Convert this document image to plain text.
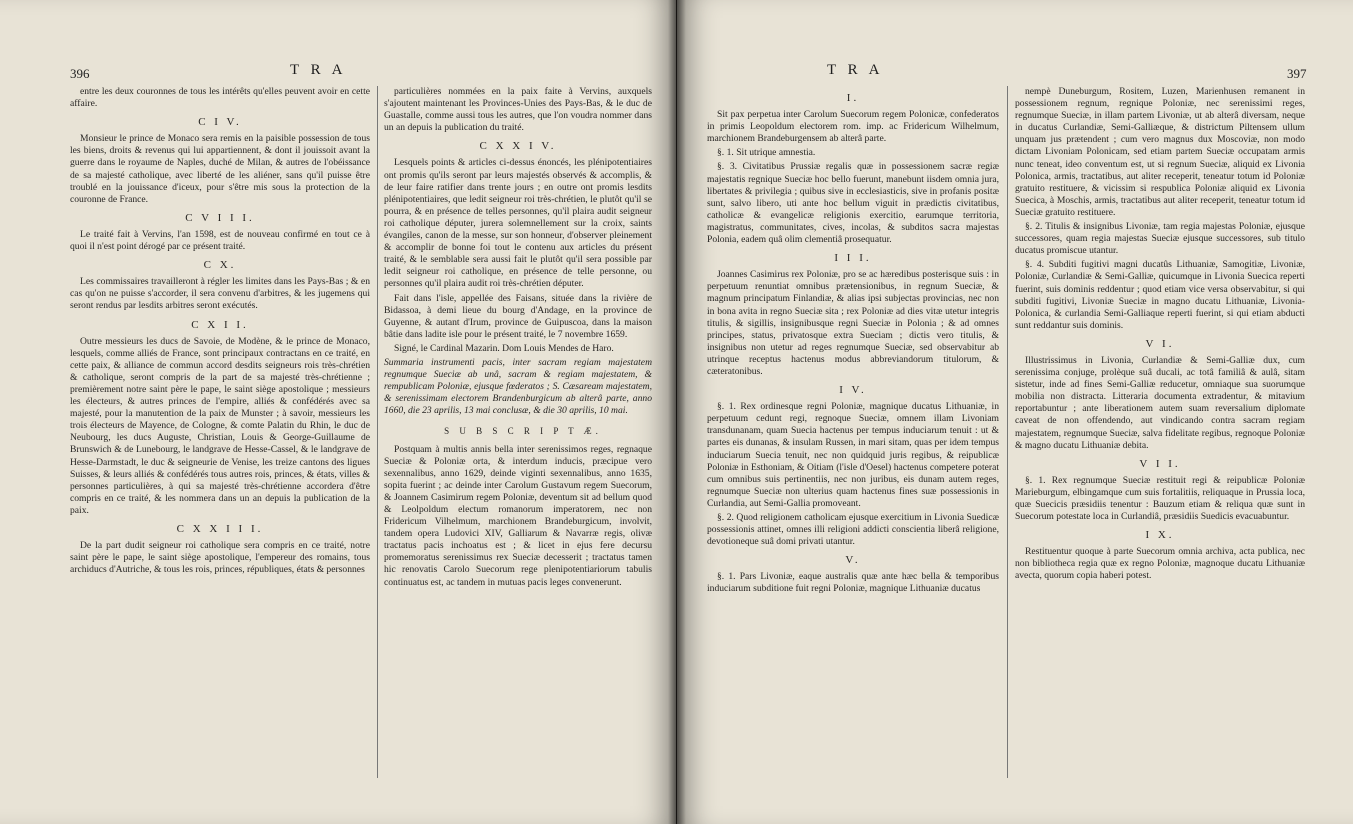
396	T R A

entre les deux couronnes de tous les intérêts qu'elles peuvent avoir en cette affaire.

C I V.

Monsieur le prince de Monaco sera remis en la paisible possession de tous les biens, droits & revenus qui lui appartiennent, & dont il jouissoit avant la guerre dans le royaume de Naples, duché de Milan, & autres de l'obéissance de sa majesté catholique, avec liberté de les aliéner, sans qu'il puisse être troublé en la jouissance d'iceux, pour s'être mis sous la protection de la couronne de France.

C V I I I.

Le traité fait à Vervins, l'an 1598, est de nouveau confirmé en tout ce à quoi il n'est point dérogé par ce présent traité.

C X.

Les commissaires travailleront à régler les limites dans les Pays-Bas ; & en cas qu'on ne puisse s'accorder, il sera convenu d'arbitres, & les jugemens qui seront rendus par lesdits arbitres seront exécutés.

C X I I.

Outre messieurs les ducs de Savoie, de Modène, & le prince de Monaco, lesquels, comme alliés de France, sont principaux contractans en ce traité, en cette paix, & alliance de commun accord desdits seigneurs rois très-chrétien & catholique, seront compris de la part de sa majesté très-chrétienne ; premièrement notre saint père le pape, le saint siège apostolique ; messieurs les électeurs, & autres princes de l'empire, alliés & confédérés avec sa majesté, pour la manutention de la paix de Munster ; à savoir, messieurs les trois électeurs de Mayence, de Cologne, & comte Palatin du Rhin, le duc de Neubourg, les ducs Auguste, Christian, Louis & George-Guillaume de Brunswich & de Lunebourg, le landgrave de Hesse-Cassel, & le landgrave de Hesse-Darmstadt, le duc & seigneurie de Venise, les treize cantons des ligues Suisses, & leurs alliés & confédérés tous autres rois, princes, & états, villes & personnes particulières, à qui sa majesté très-chrétienne accordera d'être compris en ce traité, & les nommera dans un an depuis la publication de la paix.

C X X I I I.

De la part dudit seigneur roi catholique sera compris en ce traité, notre saint père le pape, le saint siège apostolique, l'empereur des romains, tous archiducs d'Autriche, & tous les rois, princes, républiques, états & personnes

particulières nommées en la paix faite à Vervins, auxquels s'ajoutent maintenant les Provinces-Unies des Pays-Bas, & le duc de Guastalle, comme aussi tous les autres, que l'on voudra nommer dans un an depuis la publication du traité.

C X X I V.

Lesquels points & articles ci-dessus énoncés, les plénipotentiaires ont promis qu'ils seront par leurs majestés observés & accomplis, & de leur faire ratifier dans trente jours ; en outre ont promis lesdits plénipotentiaires, que ledit seigneur roi très-chrétien, le plutôt qu'il se pourra, & en présence de telles personnes, qu'il plaira audit seigneur roi catholique députer, jurera solemnellement sur la croix, saints évangiles, canon de la messe, sur son honneur, d'observer pleinement & accomplir de bonne foi tout le contenu aux articles du présent traité, & le semblable sera aussi fait le plutôt qu'il sera possible par ledit seigneur roi catholique, en présence de telle personne, ou personnes qu'il plaira audit roi très-chrétien députer.

Fait dans l'isle, appellée des Faisans, située dans la rivière de Bidassoa, à demi lieue du bourg d'Andage, en la province de Guyenne, & autant d'Irum, province de Guipuscoa, dans la maison bâtie dans ladite isle pour le présent traité, le 7 novembre 1659.

Signé, le Cardinal Mazarin. Dom Louis Mendes de Haro.

Summaria instrumenti pacis, inter sacram regiam majestatem regnumque Sueciæ ab unâ, sacram & regiam majestatem, & rempublicam Poloniæ, ejusque fœderatos ; S. Cæsaream majestatem, & serenissimam electorem Brandenburgicum ab alterâ parte, anno 1660, die 23 aprilis, 13 mai conclusæ, & die 30 aprilis, 10 mai.

S U B S C R I P T Æ.

Postquam à multis annis bella inter serenissimos reges, regnaque Sueciæ & Poloniæ orta, & interdum inducis, præcipue vero sexennalibus, anno 1629, deinde viginti sexennalibus, anno 1635, sopita fuerint ; ac deinde inter Carolum Gustavum regem Suecorum, & Joannem Casimirum regem Poloniæ, deventum sit ad bellum quod & Leolpoldum electum romanorum imperatorem, nec non Fridericum Vilhelmum, marchionem Brandeburgicum, involvit, tandem opera Ludovici XIV, Galliarum & Navarræ regis, olivæ tractatus pacis inchoatus est ; & licet in ejus fere decursu promemoratus serenissimus rex Sueciæ decesserit ; tractatus tamen hic renovatis Carolo Suecorum rege plenipotentiariorum tabulis continuatus est, ac tandem in mutuas pacis leges convenerunt.

T R A	397
I.

Sit pax perpetua inter Carolum Suecorum regem Polonicæ, confederatos in primis Leopoldum electorem rom. imp. ac Fridericum Wilhelmum, marchionem Brandeburgensem ab alterâ parte.

§. 1. Sit utrique amnestia.

§. 3. Civitatibus Prussiæ regalis quæ in possessionem sacræ regiæ majestatis regnique Sueciæ hoc bello fuerunt, manebunt iisdem omnia jura, libertates & privilegia ; quibus sive in ecclesiasticis, sive in profanis positæ sunt, salvo libero, uti ante hoc bellum viguit in prædictis civitatibus, catholicæ & evangelicæ religionis exercitio, earumque territoria, magistratus, communitates, cives, incolas, & subditos sacra majestas Polonia, eadem quâ olim clementiâ prosequatur.

I I I.

Joannes Casimirus rex Poloniæ, pro se ac hæredibus posterisque suis : in perpetuum renuntiat omnibus prætensionibus, in regnum Sueciæ, & magnum principatum Finlandiæ, & alias ipsi subjectas provincias, nec non in bona avita in regno Sueciæ sita ; rex Poloniæ ad dies vitæ utetur integris titulis, & sigillis, insignibusque regni Sueciæ in Polonia ; & ad omnes principes, status, privatosque extra Sueciam ; dictis vero titulis, & insignibus non utetur ad reges regnumque Sueciæ, sed observabitur ab utrinque receptus hactenus modus abbreviandorum titulorum, & cæteratonibus.

I V.

§. 1. Rex ordinesque regni Poloniæ, magnique ducatus Lithuaniæ, in perpetuum cedunt regi, regnoque Sueciæ, omnem illam Livoniam transdunanam, quam Suecia hactenus per tempus induciarum tenuit : ut & partes eis dunanas, & insulam Russen, in mari sitam, quas per idem tempus induciarum Suecia tenuit, nec non quidquid juris regibus, & reipublicæ Poloniæ in Esthoniam, & Oitiam (l'isle d'Oesel) hactenus competere poterat cum omnibus suis pertinentiis, nec non juribus, eis dunam autem reges, regnumque Sueciæ non ulterius quam hactenus fines suæ possessionis in Curlandia, aut Semi-Gallia promoveant.

§. 2. Quod religionem catholicam ejusque exercitium in Livonia Suedicæ possessionis attinet, omnes illi religioni addicti conscientia liberâ religione, devotioneque suâ domi privati utantur.

V.

§. 1. Pars Livoniæ, eaque australis quæ ante hæc bella & temporibus induciarum subditione fuit regni Poloniæ, magnique Lithuaniæ ducatus

nempè Duneburgum, Rositem, Luzen, Marienhusen remanent in possessionem regnum, regnique Poloniæ, nec serenissimi reges, regnumque Sueciæ, in illam partem Livoniæ, ut ab alterâ diversam, neque in ducatus Curlandiæ, Semi-Galliæque, & districtum Piltensem ullum unquam jus prætendent ; cum vero magnus dux Moscoviæ, non modo dictam Livoniam Polonicam, sed etiam partem Sueciæ occupatam armis nunc teneat, ideo conventum est, ut si regnum Sueciæ, aliquid ex Livonia Polonica, armis, tractatibus, aut aliter receperit, teneatur totum id Poloniæ gratuito restituere, & vicissim si respublica Poloniæ aliquid ex Livonia Suecica, à Moschis, armis, tractatibus aut aliter receperit, teneatur totum id Sueciæ gratuito restituere.

§. 2. Titulis & insignibus Livoniæ, tam regia majestas Poloniæ, ejusque successores, quam regia majestas Sueciæ ejusque successores, sub titulo ducatus promiscue utantur.

§. 4. Subditi fugitivi magni ducatûs Lithuaniæ, Samogitiæ, Livoniæ, Poloniæ, Curlandiæ & Semi-Galliæ, quicumque in Livonia Suecica reperti fuerint, suis dominis reddentur ; quod etiam vice versa observabitur, si qui subditi fugitivi, Livoniæ Sueciæ in magno ducatu Lithuaniæ, Livonia-Polonica, & curlandia Semi-Galliaque reperti fuerint, si qui etiam abducti sunt reddantur suis dominis.

V I.

Illustrissimus in Livonia, Curlandiæ & Semi-Galliæ dux, cum serenissima conjuge, prolèque suâ ducali, ac totâ familiâ & aulâ, sitam sistetur, inde ad fines Semi-Galliæ reducetur, omniaque sua suorumque mobilia non distracta. Litteraria documenta extradentur, & mitavium reportabuntur ; ante liberationem autem suam reversalium diplomate caveat de non offendendo, aut vindicando contra sacram regiam majestatem, regnumque Sueciæ, salva fidelitate regibus, regnoque Poloniæ & magno ducatu Lithuaniæ debita.

V I I.

§. 1. Rex regnumque Sueciæ restituit regi & reipublicæ Poloniæ Marieburgum, elbingamque cum suis fortalitiis, reliquaque in Prussia loca, quæ Suecicis præsidiis tenentur : Bauzum etiam & reliqua quæ sunt in Suecorum potestate loca in Curlandiâ, præsidiis Suedicis evacuabuntur.

I X.

Restituentur quoque à parte Suecorum omnia archiva, acta publica, nec non bibliotheca regia quæ ex regno Poloniæ, magnoque ducatu Lithuaniæ avecta, quorum copia haberi potest.
